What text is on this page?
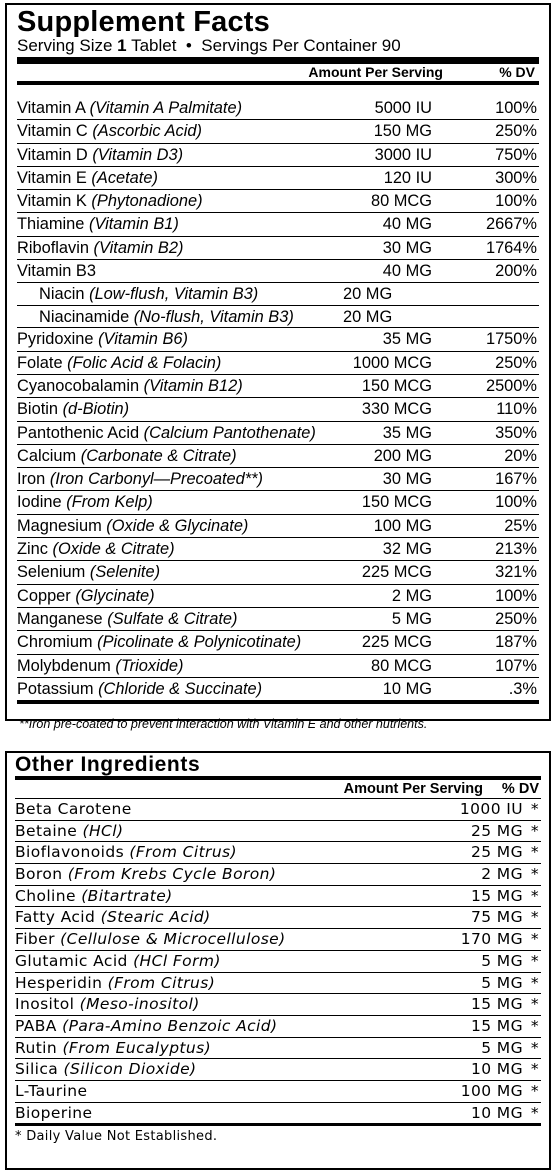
Supplement Facts
Serving Size 1 Tablet • Servings Per Container 90
Amount Per Serving	% DV
Vitamin A (Vitamin A Palmitate)	5000 IU	100%
Vitamin C (Ascorbic Acid)	150 MG	250%
Vitamin D (Vitamin D3)	3000 IU	750%
Vitamin E (Acetate)	120 IU	300%
Vitamin K (Phytonadione)	80 MCG	100%
Thiamine (Vitamin B1)	40 MG	2667%
Riboflavin (Vitamin B2)	30 MG	1764%
Vitamin B3	40 MG	200%
Niacin (Low-flush, Vitamin B3)	20 MG
Niacinamide (No-flush, Vitamin B3)	20 MG
Pyridoxine (Vitamin B6)	35 MG	1750%
Folate (Folic Acid & Folacin)	1000 MCG	250%
Cyanocobalamin (Vitamin B12)	150 MCG	2500%
Biotin (d-Biotin)	330 MCG	110%
Pantothenic Acid (Calcium Pantothenate)	35 MG	350%
Calcium (Carbonate & Citrate)	200 MG	20%
Iron (Iron Carbonyl—Precoated**)	30 MG	167%
Iodine (From Kelp)	150 MCG	100%
Magnesium (Oxide & Glycinate)	100 MG	25%
Zinc (Oxide & Citrate)	32 MG	213%
Selenium (Selenite)	225 MCG	321%
Copper (Glycinate)	2 MG	100%
Manganese (Sulfate & Citrate)	5 MG	250%
Chromium (Picolinate & Polynicotinate)	225 MCG	187%
Molybdenum (Trioxide)	80 MCG	107%
Potassium (Chloride & Succinate)	10 MG	.3%
**Iron pre-coated to prevent interaction with Vitamin E and other nutrients.
Other Ingredients
Amount Per Serving % DV
Beta Carotene	1000 IU *
Betaine (HCl)	25 MG *
Bioflavonoids (From Citrus)	25 MG *
Boron (From Krebs Cycle Boron)	2 MG *
Choline (Bitartrate)	15 MG *
Fatty Acid (Stearic Acid)	75 MG *
Fiber (Cellulose & Microcellulose)	170 MG *
Glutamic Acid (HCl Form)	5 MG *
Hesperidin (From Citrus)	5 MG *
Inositol (Meso-inositol)	15 MG *
PABA (Para-Amino Benzoic Acid)	15 MG *
Rutin (From Eucalyptus)	5 MG *
Silica (Silicon Dioxide)	10 MG *
L-Taurine	100 MG *
Bioperine	10 MG *
* Daily Value Not Established.
